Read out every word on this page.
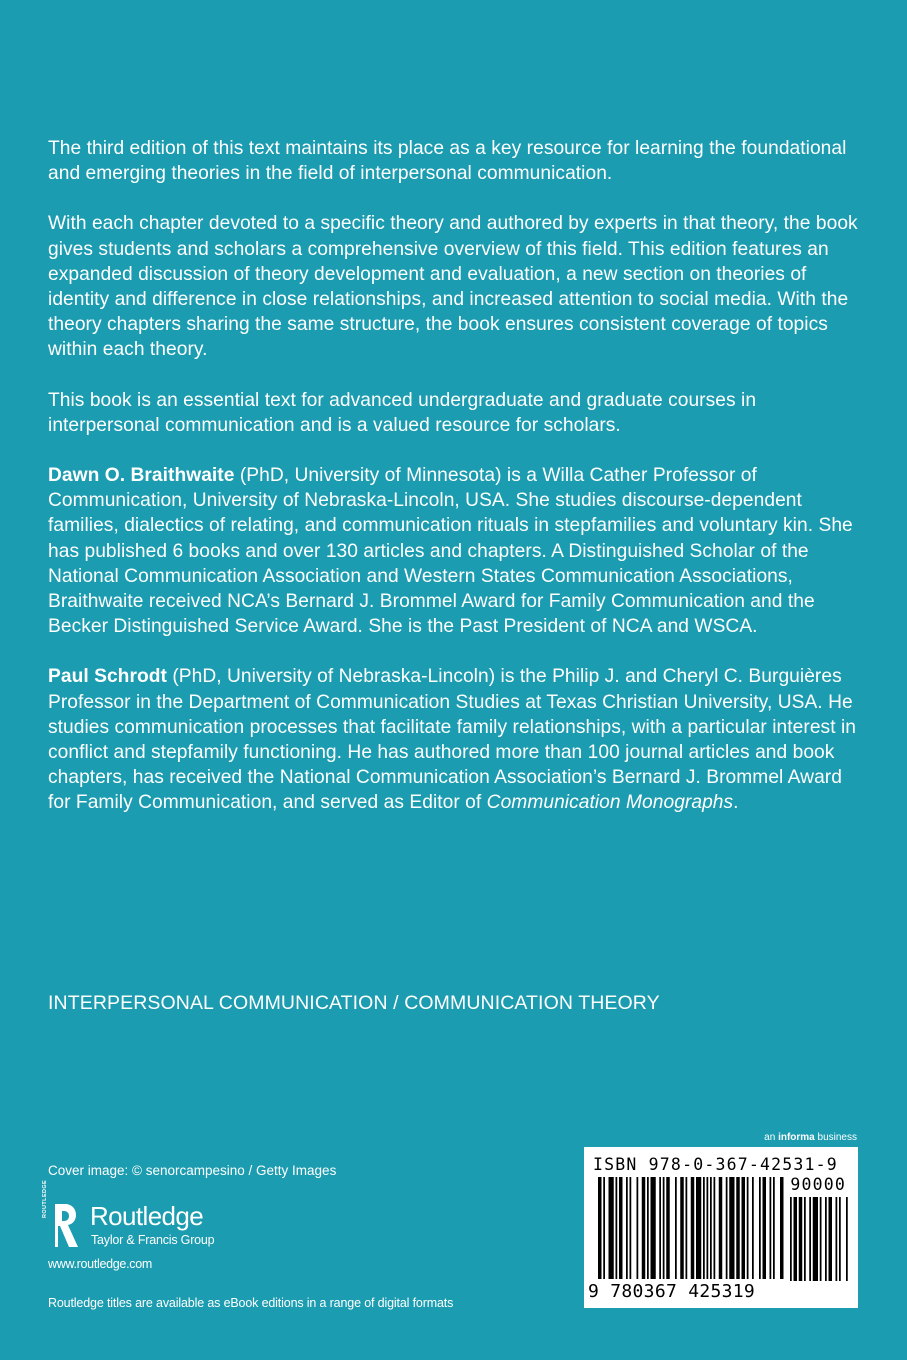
The third edition of this text maintains its place as a key resource for learning the foundational and emerging theories in the field of interpersonal communication.

With each chapter devoted to a specific theory and authored by experts in that theory, the book gives students and scholars a comprehensive overview of this field. This edition features an expanded discussion of theory development and evaluation, a new section on theories of identity and difference in close relationships, and increased attention to social media. With the theory chapters sharing the same structure, the book ensures consistent coverage of topics within each theory.

This book is an essential text for advanced undergraduate and graduate courses in interpersonal communication and is a valued resource for scholars.

Dawn O. Braithwaite (PhD, University of Minnesota) is a Willa Cather Professor of Communication, University of Nebraska-Lincoln, USA. She studies discourse-dependent families, dialectics of relating, and communication rituals in stepfamilies and voluntary kin. She has published 6 books and over 130 articles and chapters. A Distinguished Scholar of the National Communication Association and Western States Communication Associations, Braithwaite received NCA’s Bernard J. Brommel Award for Family Communication and the Becker Distinguished Service Award. She is the Past President of NCA and WSCA.

Paul Schrodt (PhD, University of Nebraska-Lincoln) is the Philip J. and Cheryl C. Burguières Professor in the Department of Communication Studies at Texas Christian University, USA. He studies communication processes that facilitate family relationships, with a particular interest in conflict and stepfamily functioning. He has authored more than 100 journal articles and book chapters, has received the National Communication Association’s Bernard J. Brommel Award for Family Communication, and served as Editor of Communication Monographs.

INTERPERSONAL COMMUNICATION / COMMUNICATION THEORY
Cover image: © senorcampesino / Getty Images
ROUTLEDGE Routledge
Taylor & Francis Group
www.routledge.com
Routledge titles are available as eBook editions in a range of digital formats
an informa business
ISBN 978-0-367-42531-9
90000
9 780367 425319
